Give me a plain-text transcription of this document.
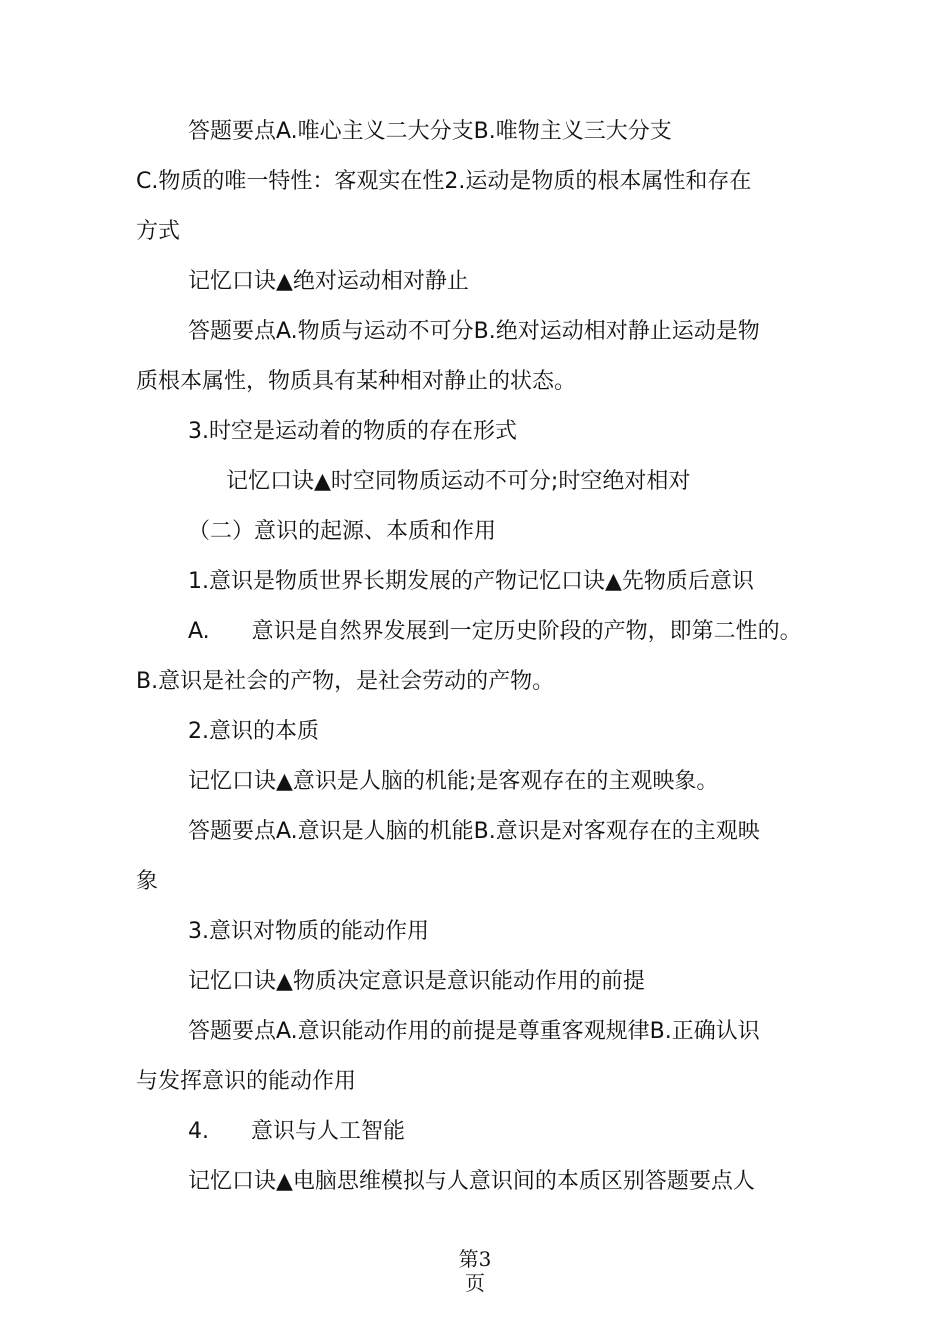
答题要点A.唯心主义二大分支B.唯物主义三大分支
C.物质的唯一特性：客观实在性2.运动是物质的根本属性和存在
方式
记忆口诀▲绝对运动相对静止
答题要点A.物质与运动不可分B.绝对运动相对静止运动是物
质根本属性，物质具有某种相对静止的状态。
3.时空是运动着的物质的存在形式
记忆口诀▲时空同物质运动不可分;时空绝对相对
（二）意识的起源、本质和作用
1.意识是物质世界长期发展的产物记忆口诀▲先物质后意识
A.      意识是自然界发展到一定历史阶段的产物，即第二性的。
B.意识是社会的产物，是社会劳动的产物。
2.意识的本质
记忆口诀▲意识是人脑的机能;是客观存在的主观映象。
答题要点A.意识是人脑的机能B.意识是对客观存在的主观映
象
3.意识对物质的能动作用
记忆口诀▲物质决定意识是意识能动作用的前提
答题要点A.意识能动作用的前提是尊重客观规律B.正确认识
与发挥意识的能动作用
4.      意识与人工智能
记忆口诀▲电脑思维模拟与人意识间的本质区别答题要点人
第3
页
